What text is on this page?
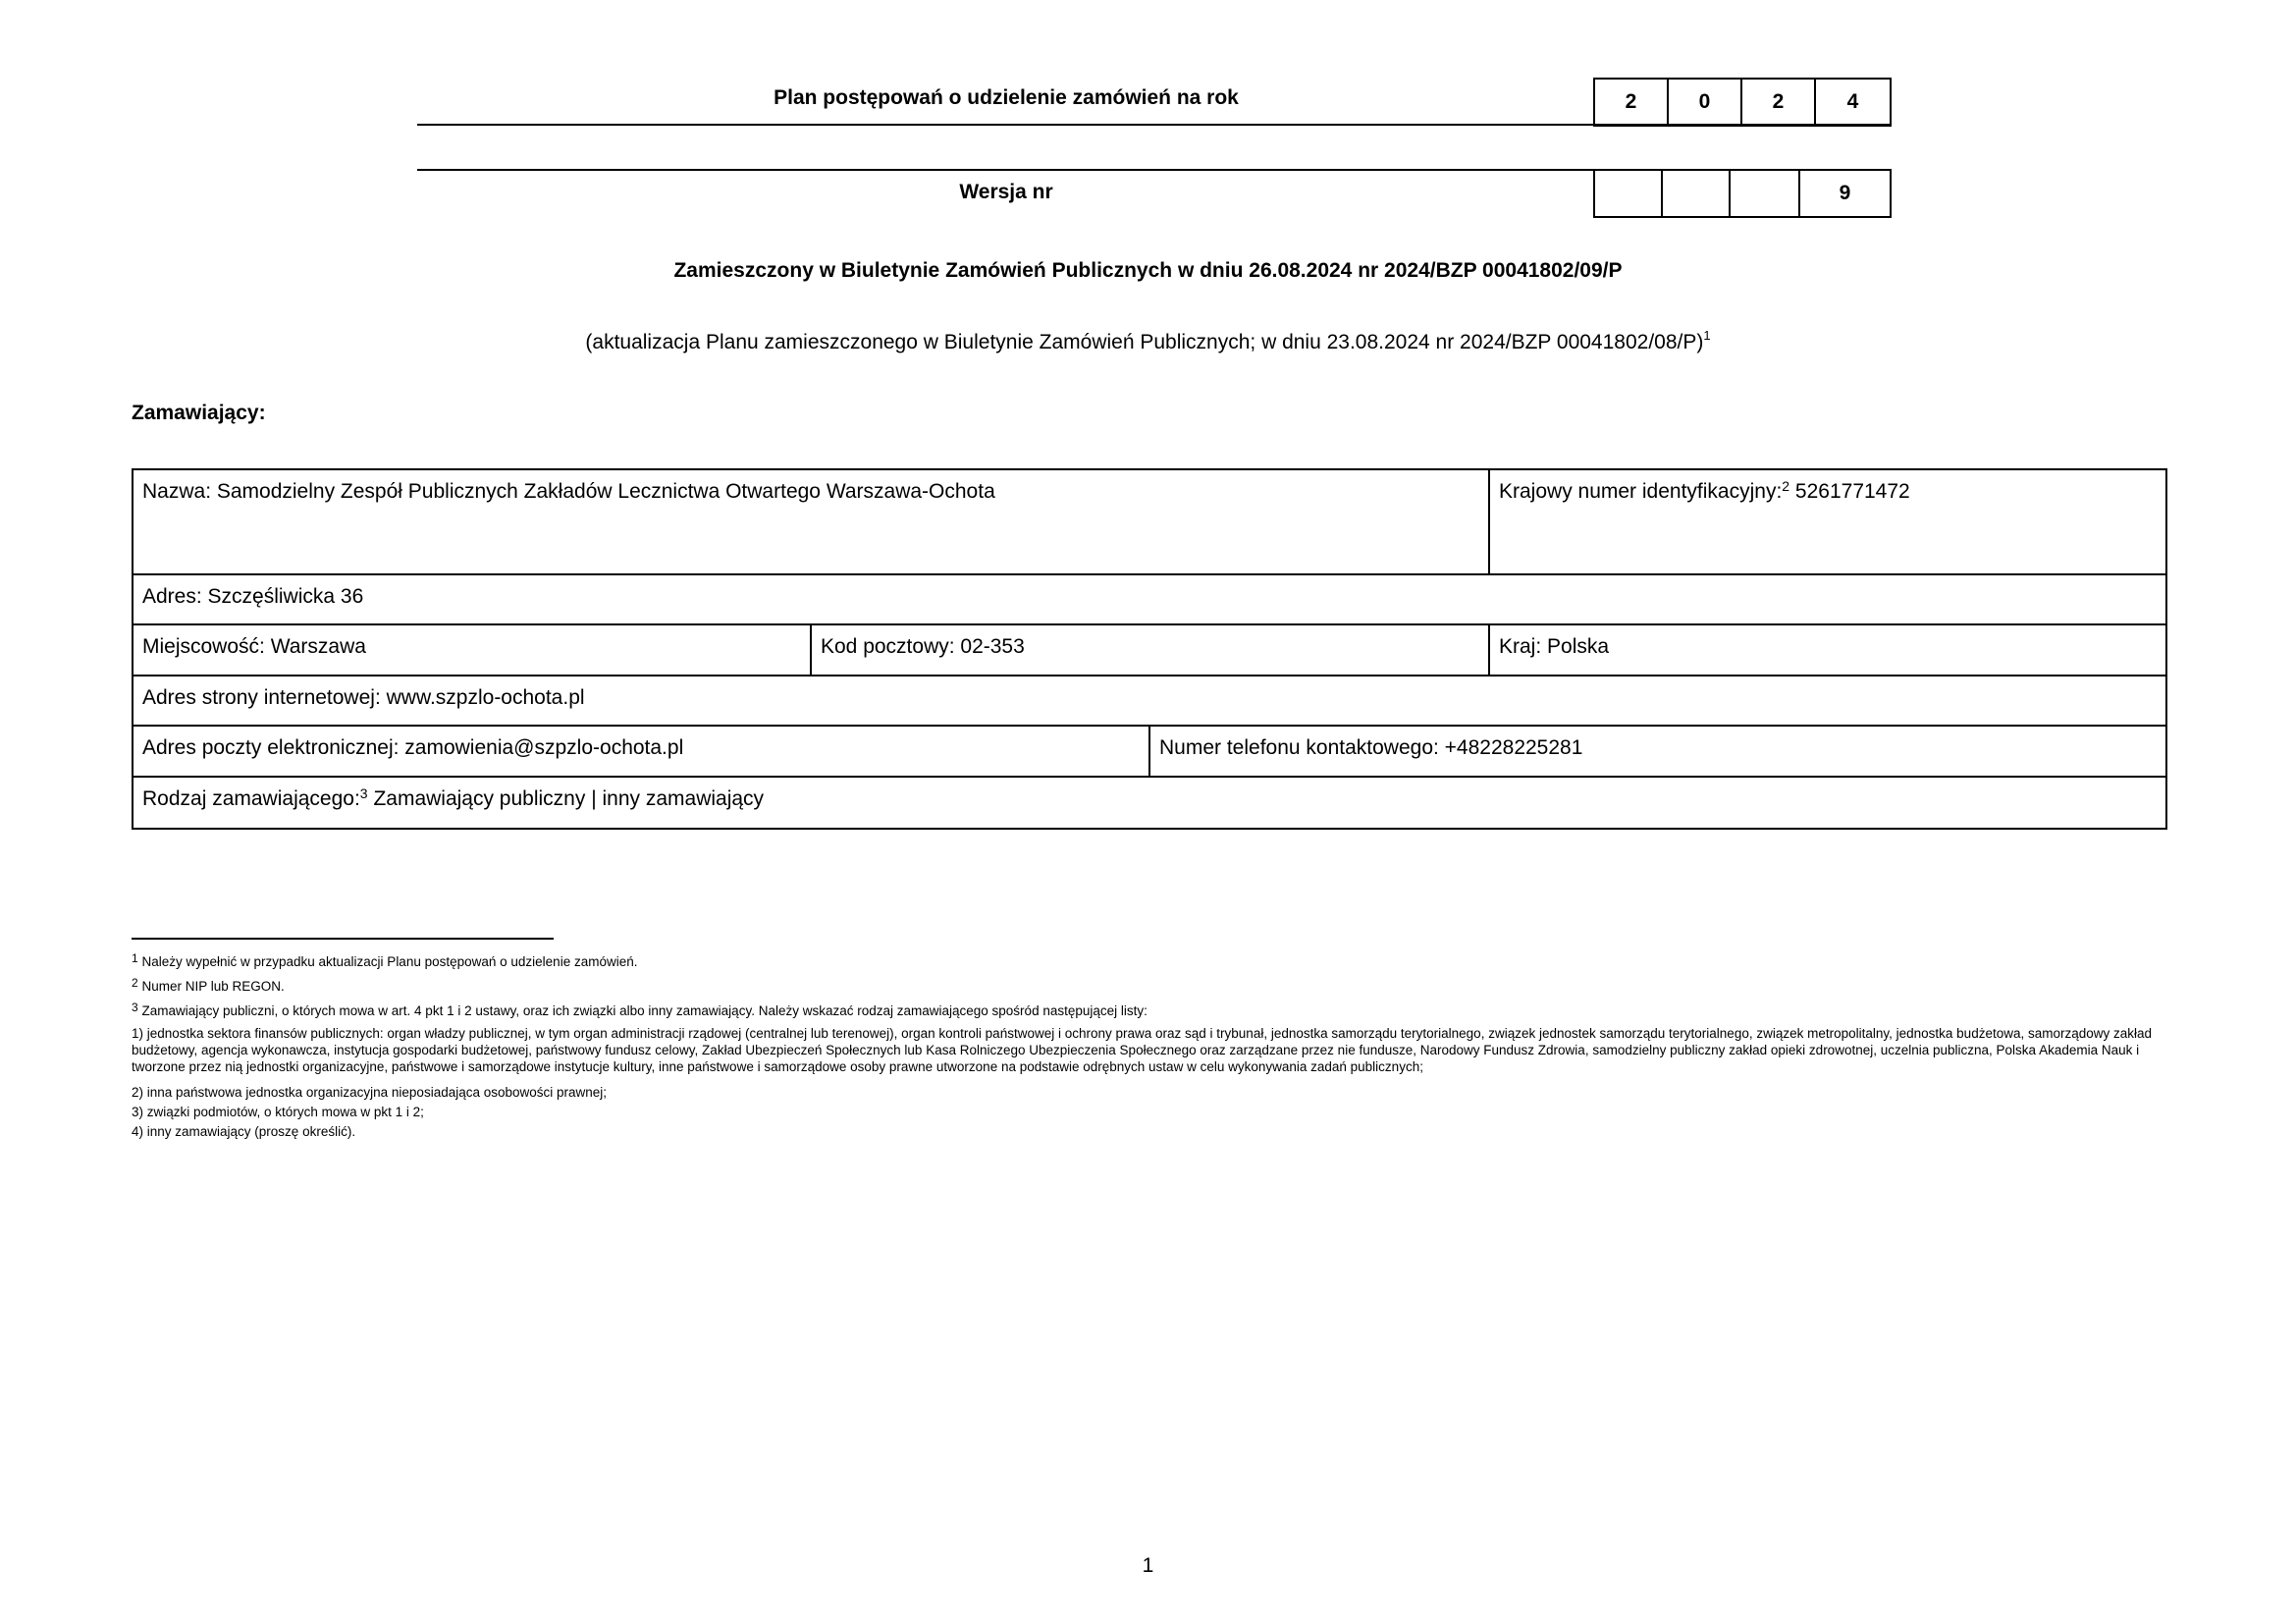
Plan postępowań o udzielenie zamówień na rok	2	0	2	4
Wersja nr	9
Zamieszczony w Biuletynie Zamówień Publicznych w dniu 26.08.2024 nr 2024/BZP 00041802/09/P
(aktualizacja Planu zamieszczonego w Biuletynie Zamówień Publicznych; w dniu 23.08.2024 nr 2024/BZP 00041802/08/P)$^1$
Zamawiający:
Nazwa: Samodzielny Zespół Publicznych Zakładów Lecznictwa Otwartego Warszawa-Ochota	Krajowy numer identyfikacyjny:$^2$ 5261771472
Adres: Szczęśliwicka 36
Miejscowość: Warszawa	Kod pocztowy: 02-353	Kraj: Polska
Adres strony internetowej: www.szpzlo-ochota.pl
Adres poczty elektronicznej: zamowienia@szpzlo-ochota.pl	Numer telefonu kontaktowego: +48228225281
Rodzaj zamawiającego:$^3$ Zamawiający publiczny | inny zamawiający
$^1$ Należy wypełnić w przypadku aktualizacji Planu postępowań o udzielenie zamówień.
$^2$ Numer NIP lub REGON.
$^3$ Zamawiający publiczni, o których mowa w art. 4 pkt 1 i 2 ustawy, oraz ich związki albo inny zamawiający. Należy wskazać rodzaj zamawiającego spośród następującej listy:
1) jednostka sektora finansów publicznych: organ władzy publicznej, w tym organ administracji rządowej (centralnej lub terenowej), organ kontroli państwowej i ochrony prawa oraz sąd i trybunał, jednostka samorządu terytorialnego, związek jednostek samorządu terytorialnego, związek metropolitalny, jednostka budżetowa, samorządowy zakład budżetowy, agencja wykonawcza, instytucja gospodarki budżetowej, państwowy fundusz celowy, Zakład Ubezpieczeń Społecznych lub Kasa Rolniczego Ubezpieczenia Społecznego oraz zarządzane przez nie fundusze, Narodowy Fundusz Zdrowia, samodzielny publiczny zakład opieki zdrowotnej, uczelnia publiczna, Polska Akademia Nauk i tworzone przez nią jednostki organizacyjne, państwowe i samorządowe instytucje kultury, inne państwowe i samorządowe osoby prawne utworzone na podstawie odrębnych ustaw w celu wykonywania zadań publicznych;
2) inna państwowa jednostka organizacyjna nieposiadająca osobowości prawnej;
3) związki podmiotów, o których mowa w pkt 1 i 2;
4) inny zamawiający (proszę określić).
1
